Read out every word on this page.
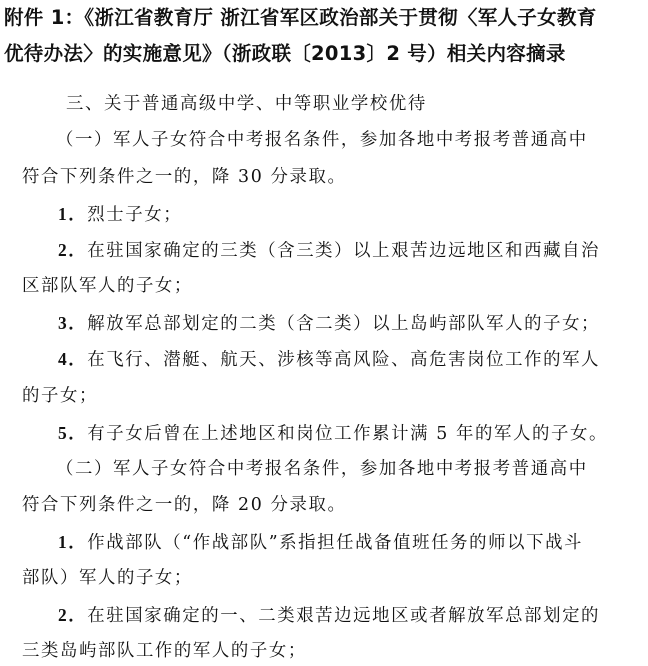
附件 1：《浙江省教育厅 浙江省军区政治部关于贯彻〈军人子女教育
优待办法〉的实施意见》（浙政联〔2013〕2 号）相关内容摘录
三、关于普通高级中学、中等职业学校优待
（一）军人子女符合中考报名条件，参加各地中考报考普通高中
符合下列条件之一的，降 30 分录取。
1．烈士子女；
2．在驻国家确定的三类（含三类）以上艰苦边远地区和西藏自治
区部队军人的子女；
3．解放军总部划定的二类（含二类）以上岛屿部队军人的子女；
4．在飞行、潜艇、航天、涉核等高风险、高危害岗位工作的军人
的子女；
5．有子女后曾在上述地区和岗位工作累计满 5 年的军人的子女。
（二）军人子女符合中考报名条件，参加各地中考报考普通高中
符合下列条件之一的，降 20 分录取。
1．作战部队（“作战部队”系指担任战备值班任务的师以下战斗
部队）军人的子女；
2．在驻国家确定的一、二类艰苦边远地区或者解放军总部划定的
三类岛屿部队工作的军人的子女；
